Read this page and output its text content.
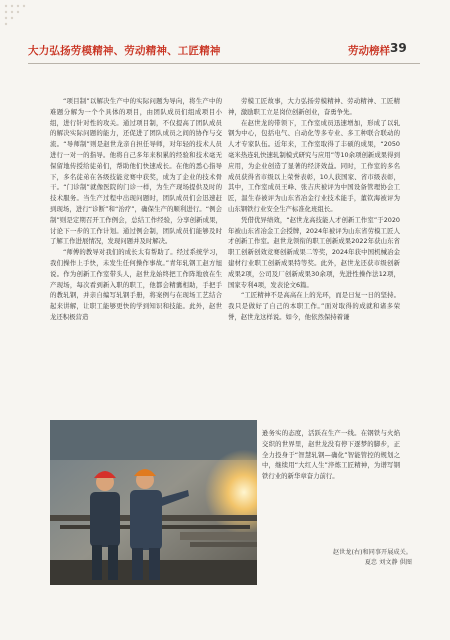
大力弘扬劳模精神、劳动精神、工匠精神	劳动榜样 39

“项目制”以解决生产中的实际问题为导向，将生产中的难题分解为一个个具体的项目，由团队成员们组成项目小组，进行针对性的攻关。通过项目制，不仅提高了团队成员的解决实际问题的能力，还促进了团队成员之间的协作与交流。“导师制”则是赵世龙亲自担任导师，对年轻的技术人员进行一对一的指导。他将自己多年来积累的经验和技术毫无保留地传授给徒弟们，帮助他们快速成长。在他的悉心指导下，多名徒弟在各级技能竞赛中获奖，成为了企业的技术骨干。“门诊制”就像医院的门诊一样，为生产现场提供及时的技术服务。当生产过程中出现问题时，团队成员们会迅速赶到现场，进行“诊断”和“治疗”，确保生产的顺利进行。“例会制”则是定期召开工作例会，总结工作经验，分享创新成果，讨论下一步的工作计划。通过例会制，团队成员们能够及时了解工作进展情况，发现问题并及时解决。

“师傅的教导对我们的成长太有帮助了。经过系统学习，我们操作上手快，未发生任何操作事故。”青年轧钢工赵方旭说。作为创新工作室带头人，赵世龙始终把工作阵地放在生产现场，每次看到新入职的职工，他都会精囊相助，手把手的教轧钢，并亲自编写轧钢手册，将案例与在现场工艺结合起来讲解，让职工能够更快的学到知识和技能。此外，赵世龙还积极营造

劳模工匠故事，大力弘扬劳模精神、劳动精神、工匠精神，激励职工立足岗位创新创业，奋勇争先。

在赵世龙的带领下，工作室成员迅速增加，形成了以轧钢为中心，包括电气、自动化等多专业、多工种联合联动的人才专家队伍。近年来，工作室取得了丰硕的成果，“2050毫米热连轧快速轧制模式研究与应用”等10余项创新成果得到应用，为企业创造了显著的经济效益。同时，工作室的多名成员获得省市级以上荣誉表彰，10人获国家、省市级表彰，其中，工作室成员王峰、张吉庆被评为中国设备管理协会工匠，温生春被评为山东省冶金行业技术能手，董钦海被评为山东钢铁行业安全生产标准化班组长。

凭借优异绩效，“赵世龙高技能人才创新工作室”于2020年被山东省冶金工会授牌，2024年被评为山东省劳模工匠人才创新工作室。赵世龙领衔的职工创新成果2022年获山东省职工创新创效竞赛创新成果二等奖，2024年获中国机械冶金建材行业职工创新成果特等奖。此外，赵世龙还获市级创新成果2项，公司及厂创新成果30余项，先进性操作法12项，国家专利4项，发表论文6篇。

“工匠精神不是高高在上的光环，而是日复一日的坚持。我只是做好了自己的本职工作。”面对取得的成就和诸多荣誉，赵世龙这样说。如今，他依然保持着谦

逊务实的态度，活跃在生产一线。在钢铁与火焰交织的世界里，赵世龙没有停下逐梦的脚步，正全力投身于“智慧轧钢—确化”智能管控的规划之中，继续用“大红人生”淬炼工匠精神，为谱写钢铁行业的新华章奋力前行。

赵世龙(右)和同事开展成关。
夏忠 刘文静 供图
